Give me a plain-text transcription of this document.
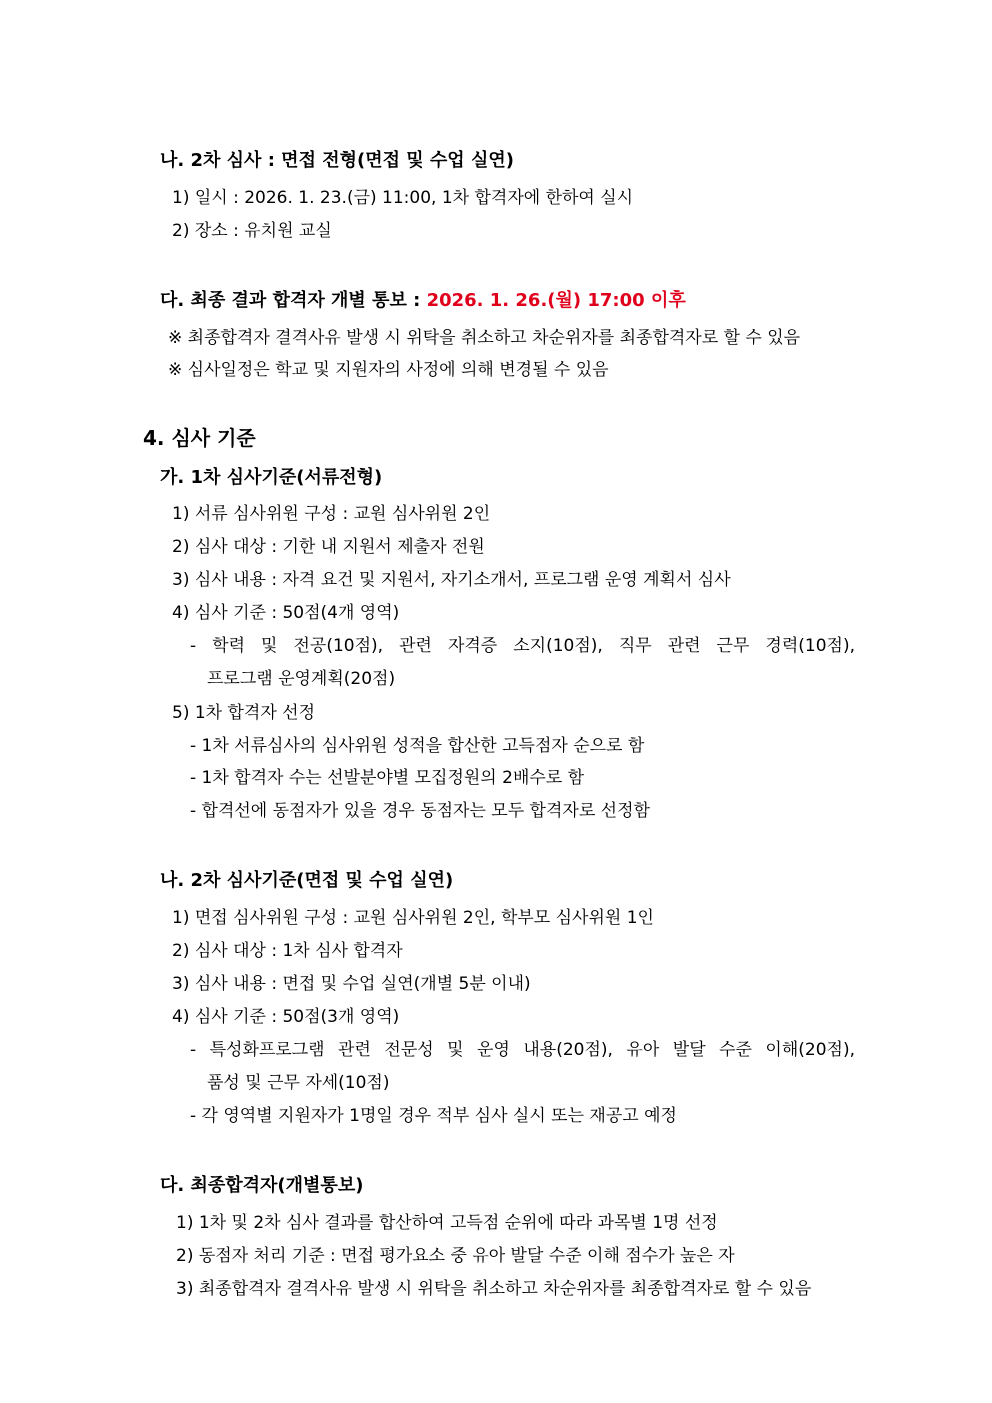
나. 2차 심사 : 면접 전형(면접 및 수업 실연)
1) 일시 : 2026. 1. 23.(금) 11:00, 1차 합격자에 한하여 실시
2) 장소 : 유치원 교실
다. 최종 결과 합격자 개별 통보 : 2026. 1. 26.(월) 17:00 이후
※ 최종합격자 결격사유 발생 시 위탁을 취소하고 차순위자를 최종합격자로 할 수 있음
※ 심사일정은 학교 및 지원자의 사정에 의해 변경될 수 있음
4. 심사 기준
가. 1차 심사기준(서류전형)
1) 서류 심사위원 구성 : 교원 심사위원 2인
2) 심사 대상 : 기한 내 지원서 제출자 전원
3) 심사 내용 : 자격 요건 및 지원서, 자기소개서, 프로그램 운영 계획서 심사
4) 심사 기준 : 50점(4개 영역)
- 학력 및 전공(10점), 관련 자격증 소지(10점), 직무 관련 근무 경력(10점),
프로그램 운영계획(20점)
5) 1차 합격자 선정
- 1차 서류심사의 심사위원 성적을 합산한 고득점자 순으로 함
- 1차 합격자 수는 선발분야별 모집정원의 2배수로 함
- 합격선에 동점자가 있을 경우 동점자는 모두 합격자로 선정함
나. 2차 심사기준(면접 및 수업 실연)
1) 면접 심사위원 구성 : 교원 심사위원 2인, 학부모 심사위원 1인
2) 심사 대상 : 1차 심사 합격자
3) 심사 내용 : 면접 및 수업 실연(개별 5분 이내)
4) 심사 기준 : 50점(3개 영역)
- 특성화프로그램 관련 전문성 및 운영 내용(20점), 유아 발달 수준 이해(20점),
품성 및 근무 자세(10점)
- 각 영역별 지원자가 1명일 경우 적부 심사 실시 또는 재공고 예정
다. 최종합격자(개별통보)
1) 1차 및 2차 심사 결과를 합산하여 고득점 순위에 따라 과목별 1명 선정
2) 동점자 처리 기준 : 면접 평가요소 중 유아 발달 수준 이해 점수가 높은 자
3) 최종합격자 결격사유 발생 시 위탁을 취소하고 차순위자를 최종합격자로 할 수 있음
